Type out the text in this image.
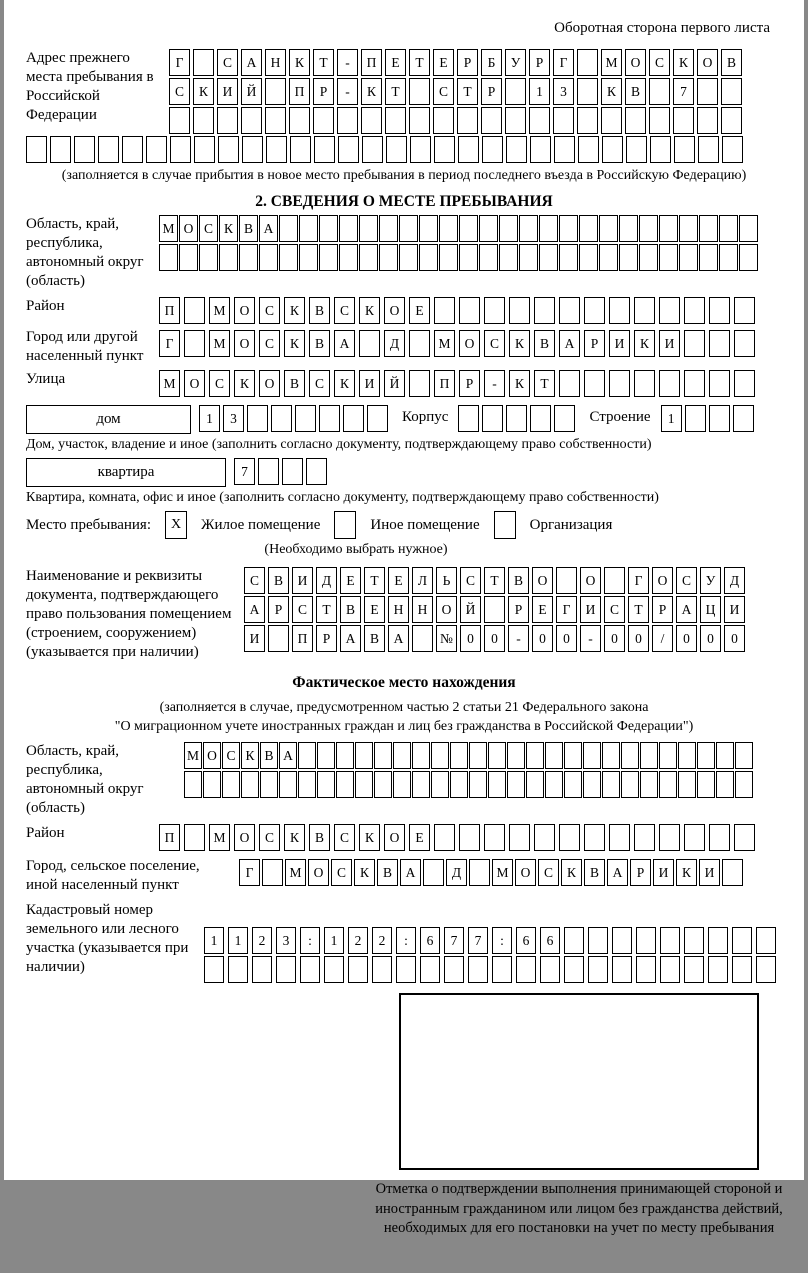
Оборотная сторона первого листа
Адрес прежнего места пребывания в Российской Федерации
Г	С	А	Н	К	Т	-	П	Е	Т	Е	Р	Б	У	Р	Г	М О	С	К	О	В
С	К	И	Й	П	Р	-	К	Т	С	Т	Р	1	3	К	В	7
(заполняется в случае прибытия в новое место пребывания в период последнего въезда в Российскую Федерацию)
2. СВЕДЕНИЯ О МЕСТЕ ПРЕБЫВАНИЯ
Область, край, республика, автономный округ (область)
М О С К В А
Район	П	М	О	С	К	В	С	К	О	Е
Город или другой населенный пункт
Г	М	О	С	К	В	А	Д	М	О	С	К	В	А	Р	И	К	И
Улица	М	О	С	К	О	В	С	К	И	Й	П	Р	-	К	Т
дом	1	3	Корпус	Строение	1
Дом, участок, владение и иное (заполнить согласно документу, подтверждающему право собственности)
квартира	7
Квартира, комната, офис и иное (заполнить согласно документу, подтверждающему право собственности)
Место пребывания:	X	Жилое помещение	Иное помещение	Организация
(Необходимо выбрать нужное)
Наименование и реквизиты документа, подтверждающего право пользования помещением (строением, сооружением) (указывается при наличии)
С	В	И	Д	Е	Т	Е	Л	Ь	С	Т	В	О	О	Г	О	С	У	Д
А	Р	С	Т	В	Е	Н	Н	О	Й	Р	Е	Г	И	С	Т	Р	А	Ц	И
И	П	Р	А	В	А	№	0	0	-	0	0	-	0	0	/	0	0	0
Фактическое место нахождения
(заполняется в случае, предусмотренном частью 2 статьи 21 Федерального закона
"О миграционном учете иностранных граждан и лиц без гражданства в Российской Федерации")
Область, край, республика, автономный округ (область)
М О С К В А
Район	П	М	О	С	К	В	С	К	О	Е
Город, сельское поселение, иной населенный пункт
Г	М О	С	К	В	А	Д	М О	С	К	В	А	Р	И	К	И
Кадастровый номер земельного или лесного участка (указывается при наличии)
1	1	2	3	:	1	2	2	:	6	7	7	:	6	6
Отметка о подтверждении выполнения принимающей стороной и иностранным гражданином или лицом без гражданства действий, необходимых для его постановки на учет по месту пребывания
